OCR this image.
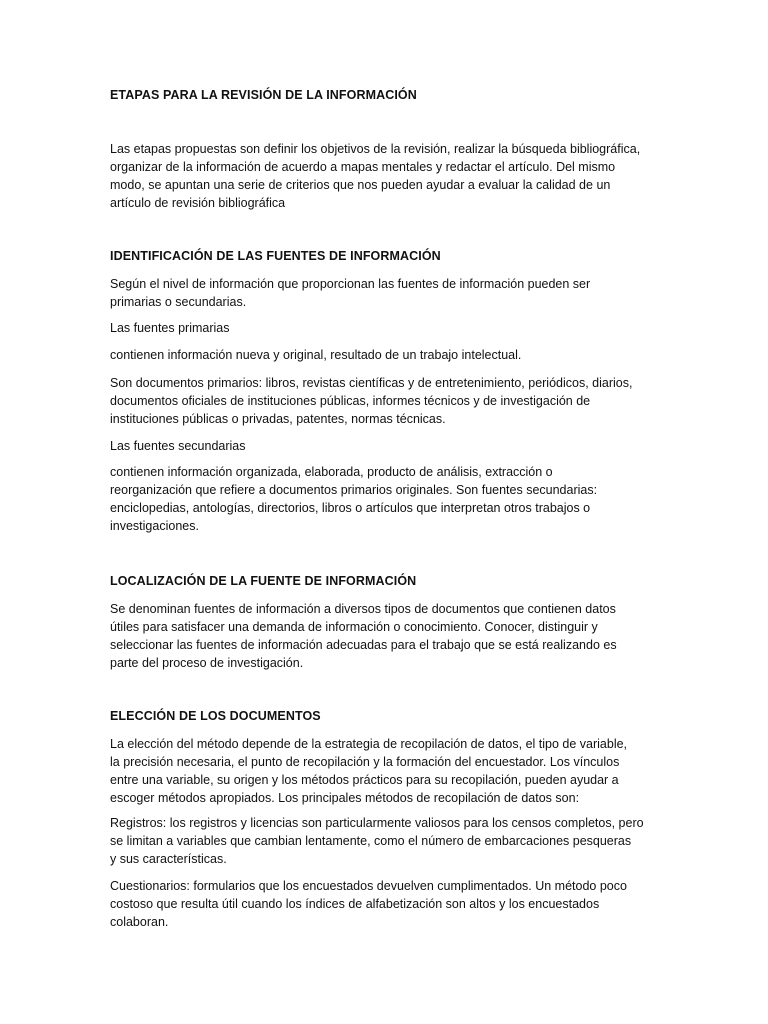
ETAPAS PARA LA REVISIÓN DE LA INFORMACIÓN

Las etapas propuestas son definir los objetivos de la revisión, realizar la búsqueda bibliográfica,
organizar de la información de acuerdo a mapas mentales y redactar el artículo. Del mismo
modo, se apuntan una serie de criterios que nos pueden ayudar a evaluar la calidad de un
artículo de revisión bibliográfica

IDENTIFICACIÓN DE LAS FUENTES DE INFORMACIÓN

Según el nivel de información que proporcionan las fuentes de información pueden ser
primarias o secundarias.

Las fuentes primarias

contienen información nueva y original, resultado de un trabajo intelectual.

Son documentos primarios: libros, revistas científicas y de entretenimiento, periódicos, diarios,
documentos oficiales de instituciones públicas, informes técnicos y de investigación de
instituciones públicas o privadas, patentes, normas técnicas.

Las fuentes secundarias

contienen información organizada, elaborada, producto de análisis, extracción o
reorganización que refiere a documentos primarios originales. Son fuentes secundarias:
enciclopedias, antologías, directorios, libros o artículos que interpretan otros trabajos o
investigaciones.

LOCALIZACIÓN DE LA FUENTE DE INFORMACIÓN

Se denominan fuentes de información a diversos tipos de documentos que contienen datos
útiles para satisfacer una demanda de información o conocimiento. Conocer, distinguir y
seleccionar las fuentes de información adecuadas para el trabajo que se está realizando es
parte del proceso de investigación.

ELECCIÓN DE LOS DOCUMENTOS

La elección del método depende de la estrategia de recopilación de datos, el tipo de variable,
la precisión necesaria, el punto de recopilación y la formación del encuestador. Los vínculos
entre una variable, su origen y los métodos prácticos para su recopilación, pueden ayudar a
escoger métodos apropiados. Los principales métodos de recopilación de datos son:

Registros: los registros y licencias son particularmente valiosos para los censos completos, pero
se limitan a variables que cambian lentamente, como el número de embarcaciones pesqueras
y sus características.

Cuestionarios: formularios que los encuestados devuelven cumplimentados. Un método poco
costoso que resulta útil cuando los índices de alfabetización son altos y los encuestados
colaboran.
